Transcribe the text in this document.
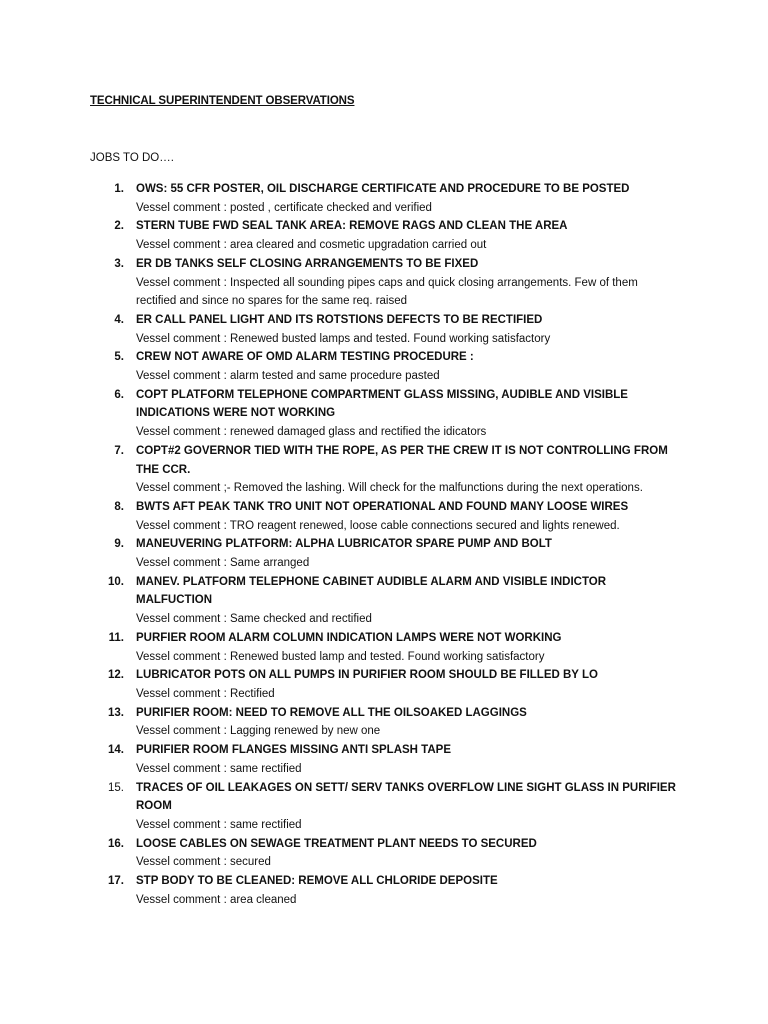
TECHNICAL SUPERINTENDENT OBSERVATIONS
JOBS TO DO….
1. OWS: 55 CFR POSTER, OIL DISCHARGE CERTIFICATE AND PROCEDURE TO BE POSTED
Vessel comment : posted , certificate checked and verified
2. STERN TUBE FWD SEAL TANK AREA: REMOVE RAGS AND CLEAN THE AREA
Vessel comment : area cleared and cosmetic upgradation carried out
3. ER DB TANKS SELF CLOSING ARRANGEMENTS TO BE FIXED
Vessel comment : Inspected all sounding pipes caps and quick closing arrangements. Few of them rectified and since no spares for the same req. raised
4. ER CALL PANEL LIGHT AND ITS ROTSTIONS DEFECTS TO BE RECTIFIED
Vessel comment : Renewed busted lamps and tested. Found working satisfactory
5. CREW NOT AWARE OF OMD ALARM TESTING PROCEDURE :
Vessel comment : alarm tested and same procedure pasted
6. COPT PLATFORM TELEPHONE COMPARTMENT GLASS MISSING, AUDIBLE AND VISIBLE INDICATIONS WERE NOT WORKING
Vessel comment : renewed damaged glass and rectified the idicators
7. COPT#2 GOVERNOR TIED WITH THE ROPE, AS PER THE CREW IT IS NOT CONTROLLING FROM THE CCR.
Vessel comment ;- Removed the lashing. Will check for the malfunctions during the next operations.
8. BWTS AFT PEAK TANK TRO UNIT NOT OPERATIONAL AND FOUND MANY LOOSE WIRES
Vessel comment : TRO reagent renewed, loose cable connections secured and lights renewed.
9. MANEUVERING PLATFORM: ALPHA LUBRICATOR SPARE PUMP AND BOLT
Vessel comment : Same arranged
10. MANEV. PLATFORM TELEPHONE CABINET AUDIBLE ALARM AND VISIBLE INDICTOR MALFUCTION
Vessel comment : Same checked and rectified
11. PURFIER ROOM ALARM COLUMN INDICATION LAMPS WERE NOT WORKING
Vessel comment : Renewed busted lamp and tested. Found working satisfactory
12. LUBRICATOR POTS ON ALL PUMPS IN PURIFIER ROOM SHOULD BE FILLED BY LO
Vessel comment : Rectified
13. PURIFIER ROOM: NEED TO REMOVE ALL THE OILSOAKED LAGGINGS
Vessel comment : Lagging renewed by new one
14. PURIFIER ROOM FLANGES MISSING ANTI SPLASH TAPE
Vessel comment : same rectified
15. TRACES OF OIL LEAKAGES ON SETT/ SERV TANKS OVERFLOW LINE SIGHT GLASS IN PURIFIER ROOM
Vessel comment : same rectified
16. LOOSE CABLES ON SEWAGE TREATMENT PLANT NEEDS TO SECURED
Vessel comment : secured
17. STP BODY TO BE CLEANED: REMOVE ALL CHLORIDE DEPOSITE
Vessel comment : area cleaned
